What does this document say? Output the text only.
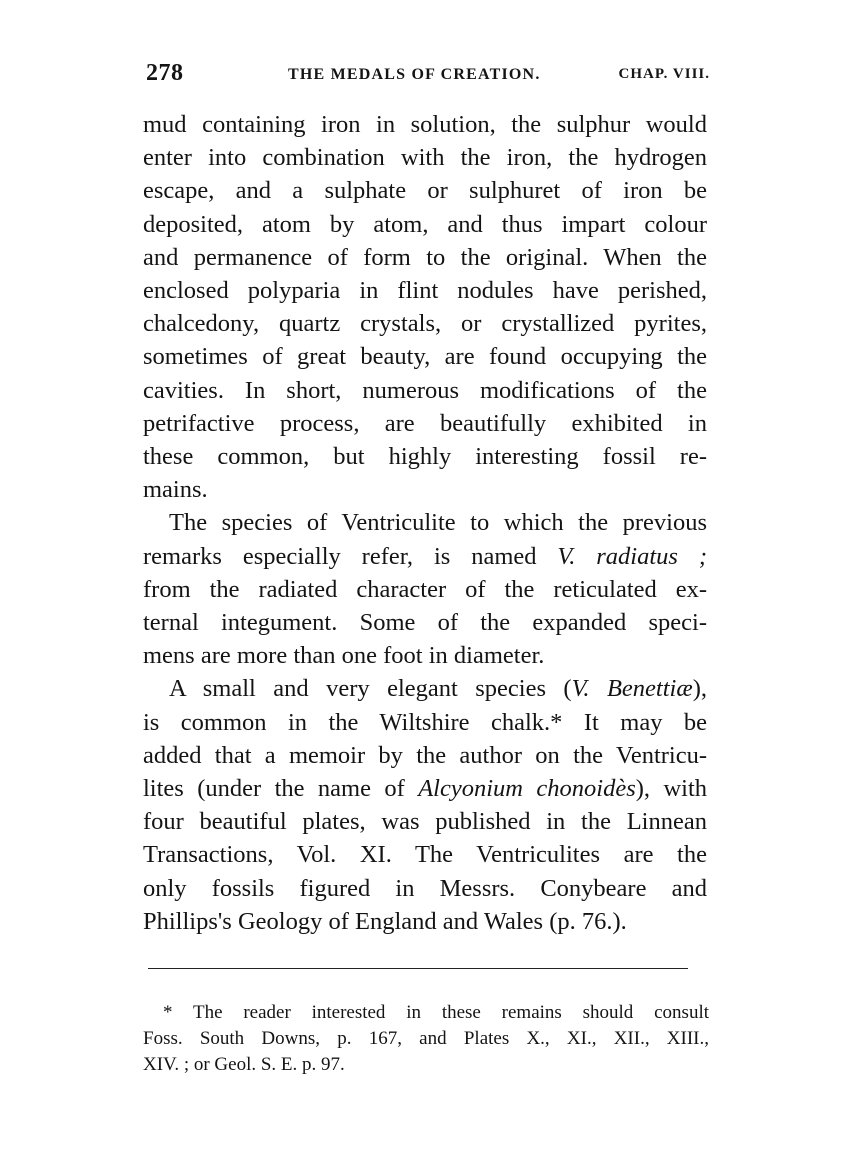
278	THE MEDALS OF CREATION.	CHAP. VIII.
mud containing iron in solution, the sulphur would
enter into combination with the iron, the hydrogen
escape, and a sulphate or sulphuret of iron be
deposited, atom by atom, and thus impart colour
and permanence of form to the original. When the
enclosed polyparia in flint nodules have perished,
chalcedony, quartz crystals, or crystallized pyrites,
sometimes of great beauty, are found occupying the
cavities. In short, numerous modifications of the
petrifactive process, are beautifully exhibited in
these common, but highly interesting fossil re-
mains.
The species of Ventriculite to which the previous
remarks especially refer, is named V. radiatus ;
from the radiated character of the reticulated ex-
ternal integument. Some of the expanded speci-
mens are more than one foot in diameter.
A small and very elegant species (V. Benettiæ),
is common in the Wiltshire chalk.* It may be
added that a memoir by the author on the Ventricu-
lites (under the name of Alcyonium chonoidès), with
four beautiful plates, was published in the Linnean
Transactions, Vol. XI. The Ventriculites are the
only fossils figured in Messrs. Conybeare and
Phillips's Geology of England and Wales (p. 76.).
* The reader interested in these remains should consult
Foss. South Downs, p. 167, and Plates X., XI., XII., XIII.,
XIV. ; or Geol. S. E. p. 97.
